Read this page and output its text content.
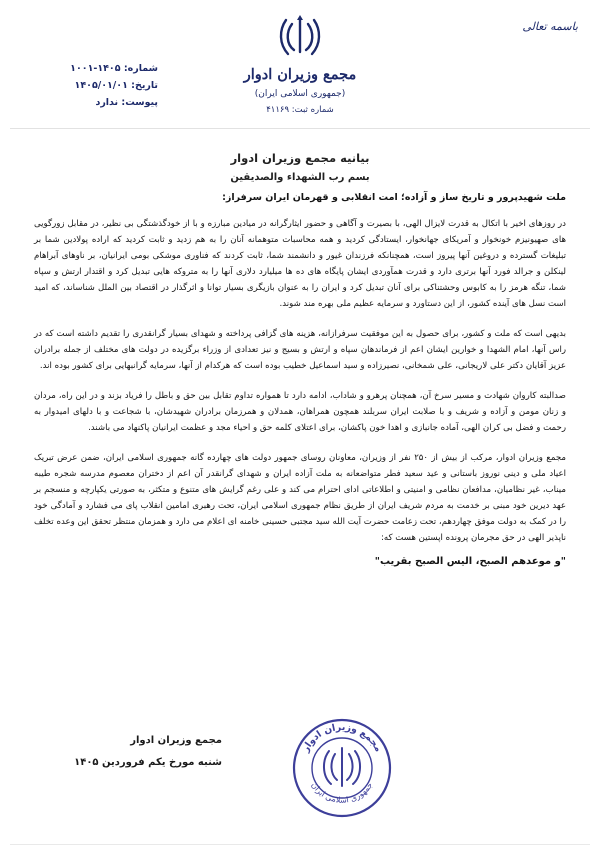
باسمه تعالی
مجمع وزیران ادوار
(جمهوری اسلامی ایران)
شماره ثبت: ۴۱۱۶۹
شماره: ۱۴۰۵-۱۰۰۱
تاریخ: ۱۴۰۵/۰۱/۰۱
پیوست: ندارد

بیانیه مجمع وزیران ادوار

بسم رب الشهداء والصدیقین

ملت شهیدپرور و تاریخ ساز و آزاده؛ امت انقلابی و قهرمان ایران سرفراز:

در روزهای اخیر با اتکال به قدرت لایزال الهی، با بصیرت و آگاهی و حضور ایثارگرانه در میادین مبارزه و با از خودگذشتگی بی نظیر، در مقابل زورگویی های صهیونیزم خونخوار و آمریکای جهانخوار، ایستادگی کردید و همه محاسبات متوهمانه آنان را به هم زدید و ثابت کردید که اراده پولادین شما بر تبلیغات گسترده و دروغین آنها پیروز است، همچنانکه فرزندان غیور و دانشمند شما، ثابت کردند که فناوری موشکی بومی ایرانیان، بر ناوهای آبراهام لینکلن و جرالد فورد آنها برتری دارد و قدرت همآوردی ایشان پایگاه های ده ها میلیارد دلاری آنها را به متروکه هایی تبدیل کرد و اقتدار ارتش و سپاه شما، تنگه هرمز را به کابوس وحشتناکی برای آنان تبدیل کرد و ایران را به عنوان بازیگری بسیار توانا و اثرگذار در اقتصاد بین الملل شناساند، که امید است نسل های آینده کشور، از این دستاورد و سرمایه عظیم ملی بهره مند شوند.

بدیهی است که ملت و کشور، برای حصول به این موفقیت سرفرازانه، هزینه های گزافی پرداخته و شهدای بسیار گرانقدری را تقدیم داشته است که در راس آنها، امام الشهدا و خوارین ایشان اعم از فرماندهان سپاه و ارتش و بسیج و نیز تعدادی از وزراء برگزیده در دولت های مختلف از جمله برادران عزیز آقایان دکتر علی لاریجانی، علی شمخانی، نصیرزاده و سید اسماعیل خطیب بوده است که هرکدام از آنها، سرمایه گرانبهایی برای کشور بوده اند.

صدالبته کاروان شهادت و مسیر سرخ آن، همچنان پرهرو و شاداب، ادامه دارد تا همواره تداوم تقابل بین حق و باطل را فریاد بزند و در این راه، مردان و زنان مومن و آزاده و شریف و با صلابت ایران سربلند همچون همراهان، همدلان و همرزمان برادران شهیدشان، با شجاعت و با دلهای امیدوار به رحمت و فضل بی کران الهی، آماده جانبازی و اهدا خون پاکشان، برای اعتلای کلمه حق و احیاء مجد و عظمت ایرانیان پاکنهاد می باشند.

مجمع وزیران ادوار، مرکب از بیش از ۲۵۰ نفر از وزیران، معاونان روسای جمهور دولت های چهارده گانه جمهوری اسلامی ایران، ضمن عرض تبریک اعیاد ملی و دینی نوروز باستانی و عید سعید فطر متواضعانه به ملت آزاده ایران و شهدای گرانقدر آن اعم از دختران معصوم مدرسه شجره طیبه میناب، غیر نظامیان، مدافعان نظامی و امنیتی و اطلاعاتی ادای احترام می کند و علی رغم گرایش های متنوع و متکثر، به صورتی یکپارچه و منسجم بر عهد دیرین خود مبنی بر خدمت به مردم شریف ایران از طریق نظام جمهوری اسلامی ایران، تحت رهبری امامین انقلاب پای می فشارد و آمادگی خود را در کمک به دولت موفق چهاردهم، تحت زعامت حضرت آیت الله سید مجتبی حسینی خامنه ای اعلام می دارد و همزمان منتظر تحقق این وعده تخلف ناپذیر الهی در حق مجرمان پرونده اپستین هست که:

"و موعدهم الصبح، الیس الصبح بقریب"

مجمع وزیران ادوار
شنبه مورخ یکم فروردین ۱۴۰۵
مجمع وزیران ادوار
جمهوری اسلامی ایران
